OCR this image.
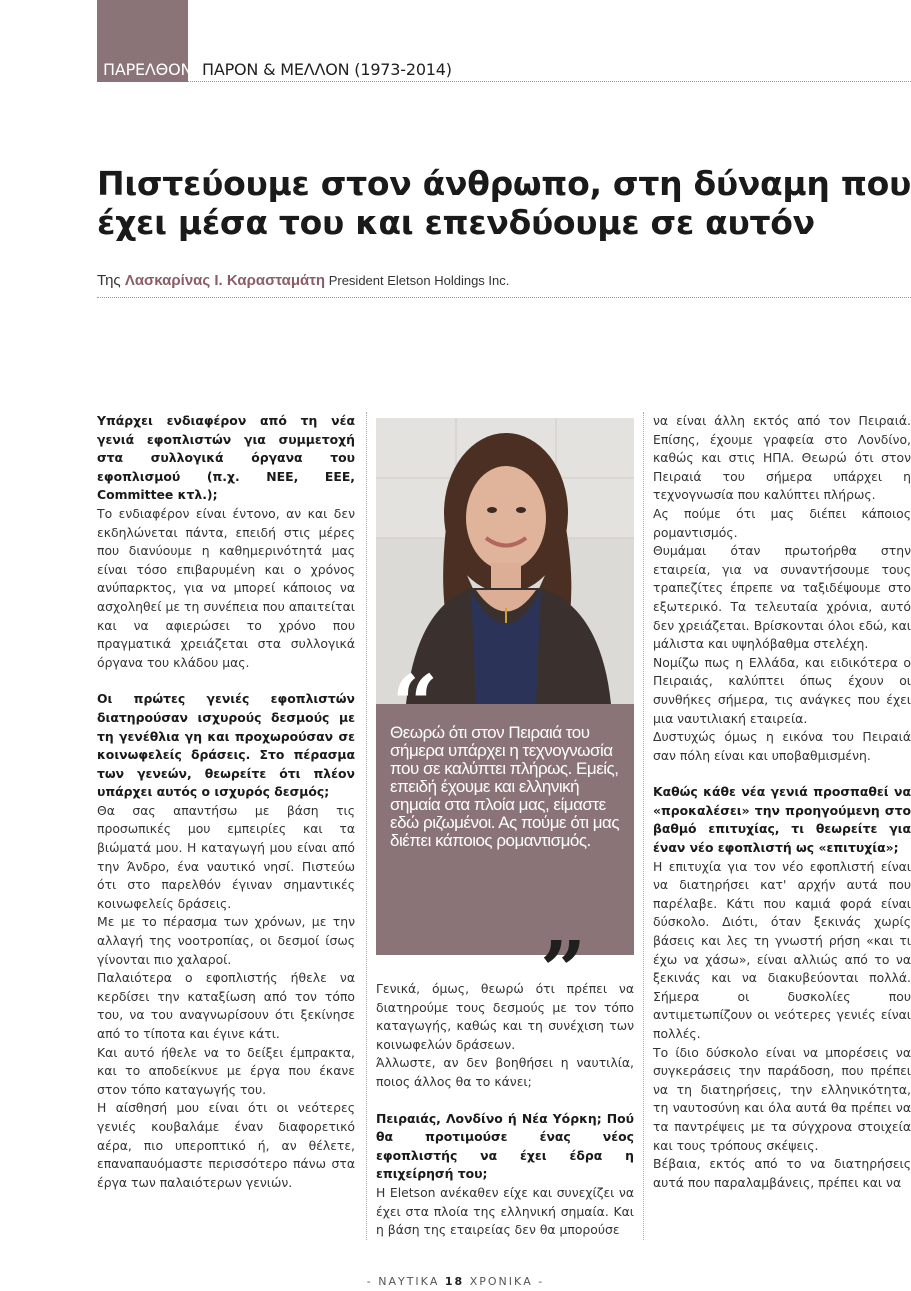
ΠΑΡΕΛΘΟΝ, ΠΑΡΟΝ & ΜΕΛΛΟΝ (1973-2014)
Πιστεύουμε στον άνθρωπο, στη δύναμη που έχει μέσα του και επενδύουμε σε αυτόν
Της Λασκαρίνας Ι. Καρασταμάτη President Eletson Holdings Inc.

Υπάρχει ενδιαφέρον από τη νέα γενιά εφοπλιστών για συμμετοχή στα συλλογικά όργανα του εφοπλισμού (π.χ. ΝΕΕ, ΕΕΕ, Committee κτλ.);

Το ενδιαφέρον είναι έντονο, αν και δεν εκδηλώνεται πάντα, επειδή στις μέρες που διανύουμε η καθημερινότητά μας είναι τόσο επιβαρυμένη και ο χρόνος ανύπαρκτος, για να μπορεί κάποιος να ασχοληθεί με τη συνέπεια που απαιτείται και να αφιερώσει το χρόνο που πραγματικά χρειάζεται στα συλλογικά όργανα του κλάδου μας.

Οι πρώτες γενιές εφοπλιστών διατηρούσαν ισχυρούς δεσμούς με τη γενέθλια γη και προχωρούσαν σε κοινωφελείς δράσεις. Στο πέρασμα των γενεών, θεωρείτε ότι πλέον υπάρχει αυτός ο ισχυρός δεσμός;

Θα σας απαντήσω με βάση τις προσωπικές μου εμπειρίες και τα βιώματά μου. Η καταγωγή μου είναι από την Άνδρο, ένα ναυτικό νησί. Πιστεύω ότι στο παρελθόν έγιναν σημαντικές κοινωφελείς δράσεις.

Με με το πέρασμα των χρόνων, με την αλλαγή της νοοτροπίας, οι δεσμοί ίσως γίνονται πιο χαλαροί.

Παλαιότερα ο εφοπλιστής ήθελε να κερδίσει την καταξίωση από τον τόπο του, να του αναγνωρίσουν ότι ξεκίνησε από το τίποτα και έγινε κάτι.

Και αυτό ήθελε να το δείξει έμπρακτα, και το αποδείκνυε με έργα που έκανε στον τόπο καταγωγής του.

Η αίσθησή μου είναι ότι οι νεότερες γενιές κουβαλάμε έναν διαφορετικό αέρα, πιο υπεροπτικό ή, αν θέλετε, επαναπαυόμαστε περισσότερο πάνω στα έργα των παλαιότερων γενιών.

“
Θεωρώ ότι στον Πειραιά του σήμερα υπάρχει η τεχνογνωσία που σε καλύπτει πλήρως. Εμείς, επειδή έχουμε και ελληνική σημαία στα πλοία μας, είμαστε εδώ ριζωμένοι. Ας πούμε ότι μας διέπει κάποιος ρομαντισμός.
”

Γενικά, όμως, θεωρώ ότι πρέπει να διατηρούμε τους δεσμούς με τον τόπο καταγωγής, καθώς και τη συνέχιση των κοινωφελών δράσεων.

Άλλωστε, αν δεν βοηθήσει η ναυτιλία, ποιος άλλος θα το κάνει;

Πειραιάς, Λονδίνο ή Νέα Υόρκη; Πού θα προτιμούσε ένας νέος εφοπλιστής να έχει έδρα η επιχείρησή του;

Η Eletson ανέκαθεν είχε και συνεχίζει να έχει στα πλοία της ελληνική σημαία. Και η βάση της εταιρείας δεν θα μπορούσε

να είναι άλλη εκτός από τον Πειραιά. Επίσης, έχουμε γραφεία στο Λονδίνο, καθώς και στις ΗΠΑ. Θεωρώ ότι στον Πειραιά του σήμερα υπάρχει η τεχνογνωσία που καλύπτει πλήρως.

Ας πούμε ότι μας διέπει κάποιος ρομαντισμός.

Θυμάμαι όταν πρωτοήρθα στην εταιρεία, για να συναντήσουμε τους τραπεζίτες έπρεπε να ταξιδέψουμε στο εξωτερικό. Τα τελευταία χρόνια, αυτό δεν χρειάζεται. Βρίσκονται όλοι εδώ, και μάλιστα και υψηλόβαθμα στελέχη.

Νομίζω πως η Ελλάδα, και ειδικότερα ο Πειραιάς, καλύπτει όπως έχουν οι συνθήκες σήμερα, τις ανάγκες που έχει μια ναυτιλιακή εταιρεία.

Δυστυχώς όμως η εικόνα του Πειραιά σαν πόλη είναι και υποβαθμισμένη.

Καθώς κάθε νέα γενιά προσπαθεί να «προκαλέσει» την προηγούμενη στο βαθμό επιτυχίας, τι θεωρείτε για έναν νέο εφοπλιστή ως «επιτυχία»;

Η επιτυχία για τον νέο εφοπλιστή είναι να διατηρήσει κατ' αρχήν αυτά που παρέλαβε. Κάτι που καμιά φορά είναι δύσκολο. Διότι, όταν ξεκινάς χωρίς βάσεις και λες τη γνωστή ρήση «και τι έχω να χάσω», είναι αλλιώς από το να ξεκινάς και να διακυβεύονται πολλά. Σήμερα οι δυσκολίες που αντιμετωπίζουν οι νεότερες γενιές είναι πολλές.

Το ίδιο δύσκολο είναι να μπορέσεις να συγκεράσεις την παράδοση, που πρέπει να τη διατηρήσεις, την ελληνικότητα, τη ναυτοσύνη και όλα αυτά θα πρέπει να τα παντρέψεις με τα σύγχρονα στοιχεία και τους τρόπους σκέψεις.

Βέβαια, εκτός από το να διατηρήσεις αυτά που παραλαμβάνεις, πρέπει και να

- ΝΑΥΤΙΚΑ 18 ΧΡΟΝΙΚΑ -
